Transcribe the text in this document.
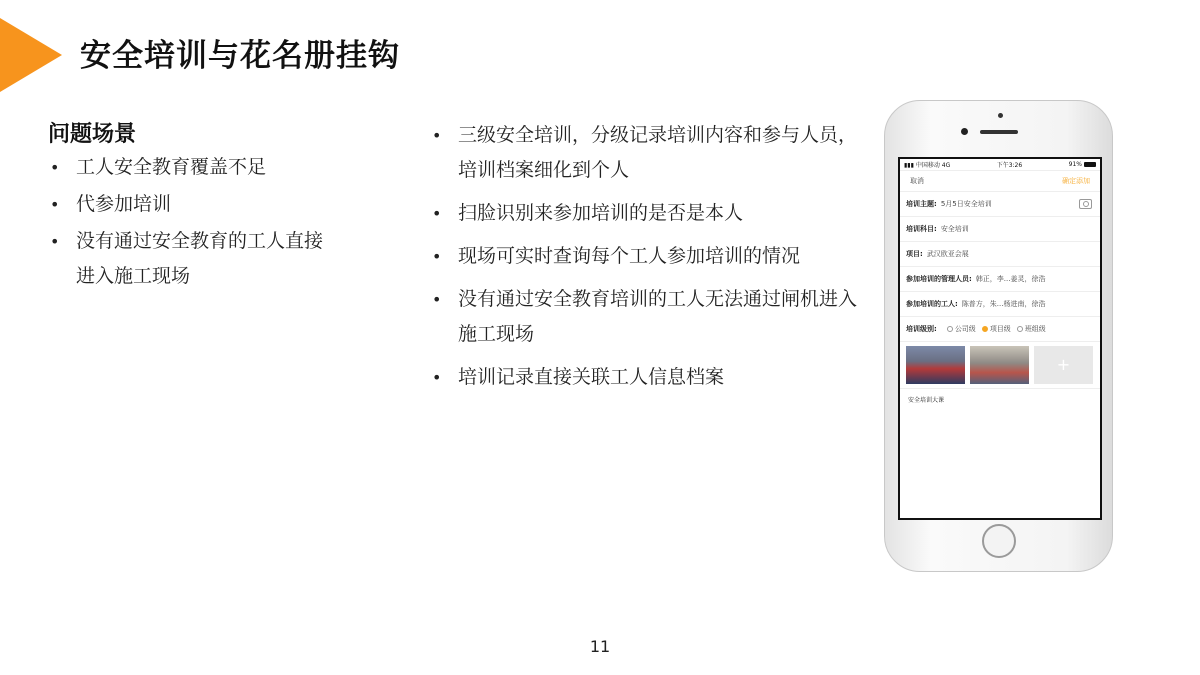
安全培训与花名册挂钩
问题场景
• 工人安全教育覆盖不足
• 代参加培训
• 没有通过安全教育的工人直接进入施工现场
• 三级安全培训，分级记录培训内容和参与人员，培训档案细化到个人
• 扫脸识别来参加培训的是否是本人
• 现场可实时查询每个工人参加培训的情况
• 没有通过安全教育培训的工人无法通过闸机进入施工现场
• 培训记录直接关联工人信息档案
▮▮▮ 中国移动 4G	下午3:26	91%
取消	确定添加
培训主题: 5月5日安全培训
培训科目: 安全培训
项目: 武汉欧亚会展
参加培训的管理人员: 韩正，李...姜灵，徐浩
参加培训的工人: 陈普方，朱...杨进南，徐浩
培训级别:	公司级 项目级 班组级
+
安全培训大课
11
